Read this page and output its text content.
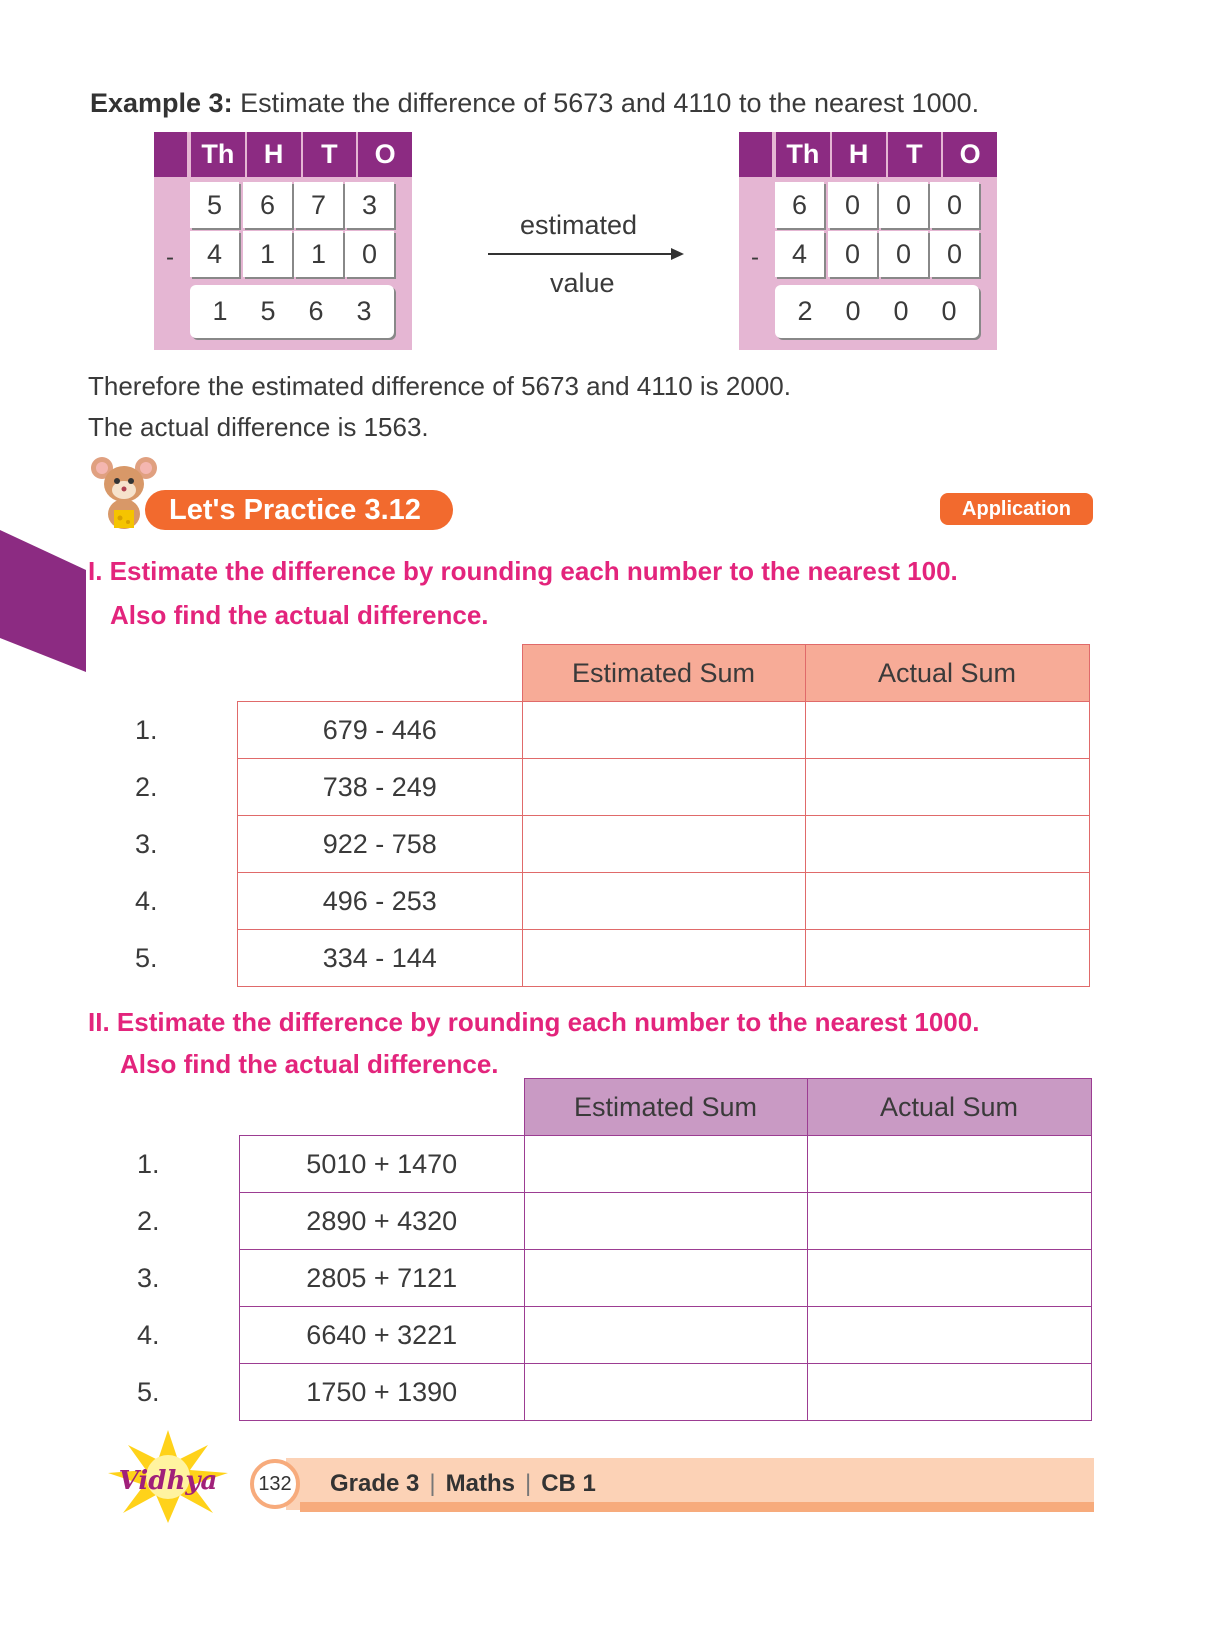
Example 3: Estimate the difference of 5673 and 4110 to the nearest 1000.
Th	H	T	O
5	6	7	3
4	1	1	0
-
1 5 6 3
estimated
value
Th	H	T	O
6	0	0	0
4	0	0	0
-
2 0 0 0
Therefore the estimated difference of 5673 and 4110 is 2000.
The actual difference is 1563.
Let's Practice 3.12	Application
I. Estimate the difference by rounding each number to the nearest 100.
Also find the actual difference.
		Estimated Sum	Actual Sum
1.	679 - 446		
2.	738 - 249		
3.	922 - 758		
4.	496 - 253		
5.	334 - 144		
II. Estimate the difference by rounding each number to the nearest 1000.
Also find the actual difference.
		Estimated Sum	Actual Sum
1.	5010 + 1470		
2.	2890 + 4320		
3.	2805 + 7121		
4.	6640 + 3221		
5.	1750 + 1390		
Vidhya	132	Grade 3 | Maths | CB 1
